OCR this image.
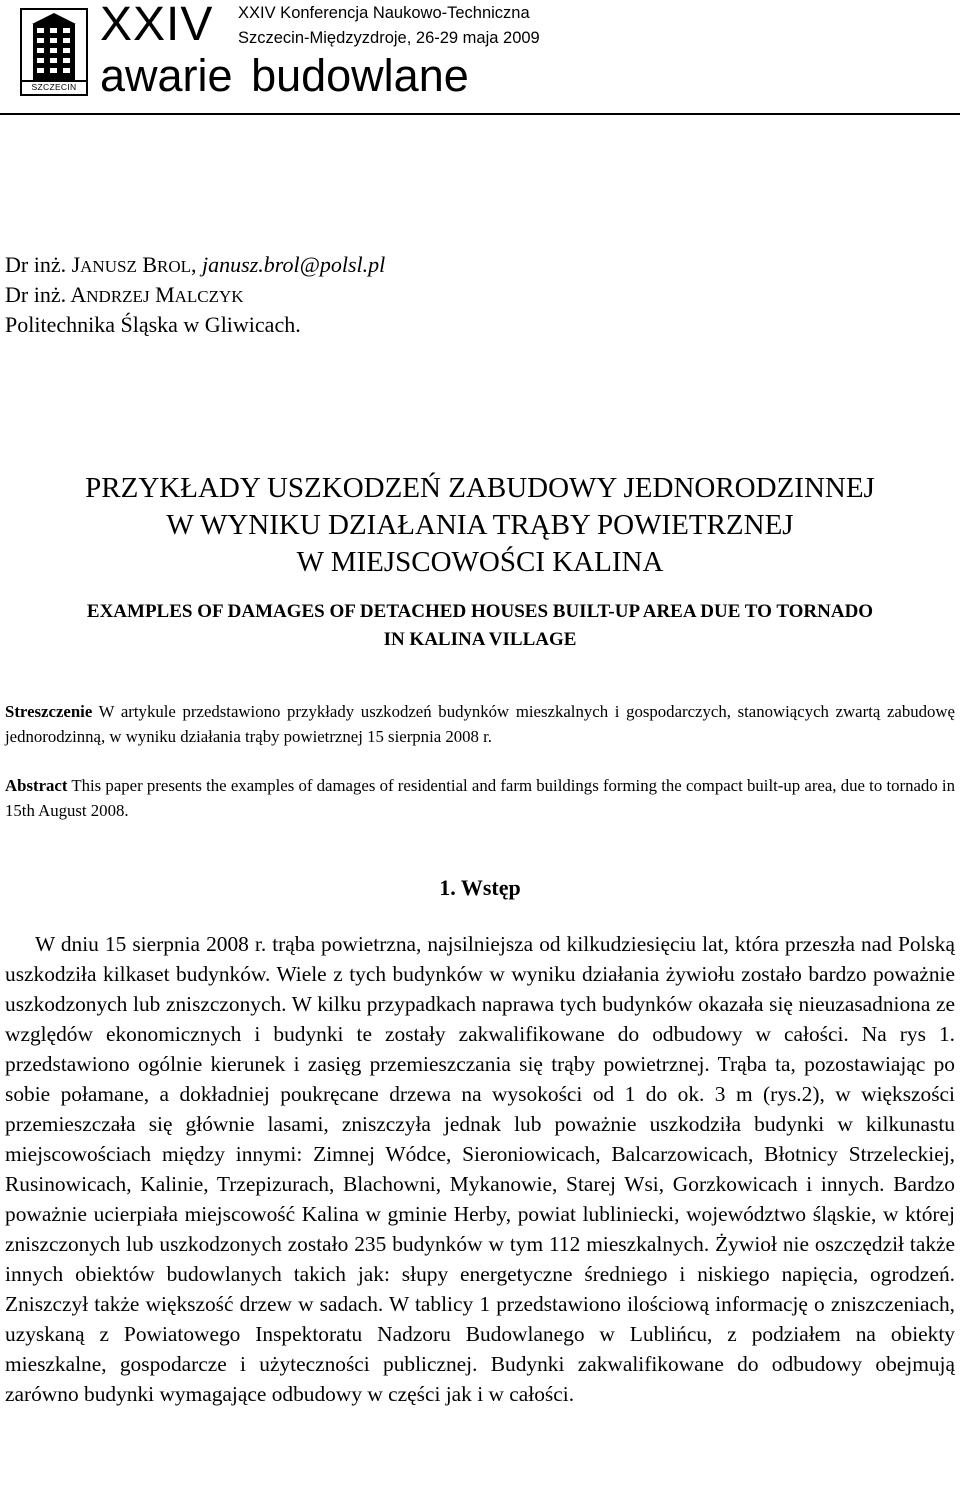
SZCZECIN
XXIV XXIV Konferencja Naukowo-Techniczna
Szczecin-Międzyzdroje, 26-29 maja 2009
awarie budowlane
Dr inż. JANUSZ BROL, janusz.brol@polsl.pl
Dr inż. ANDRZEJ MALCZYK
Politechnika Śląska w Gliwicach.
PRZYKŁADY USZKODZEŃ ZABUDOWY JEDNORODZINNEJ
W WYNIKU DZIAŁANIA TRĄBY POWIETRZNEJ
W MIEJSCOWOŚCI KALINA
EXAMPLES OF DAMAGES OF DETACHED HOUSES BUILT-UP AREA DUE TO TORNADO
IN KALINA VILLAGE
Streszczenie W artykule przedstawiono przykłady uszkodzeń budynków mieszkalnych i gospodarczych, stanowiących zwartą zabudowę jednorodzinną, w wyniku działania trąby powietrznej 15 sierpnia 2008 r.
Abstract This paper presents the examples of damages of residential and farm buildings forming the compact built-up area, due to tornado in 15th August 2008.
1. Wstęp

W dniu 15 sierpnia 2008 r. trąba powietrzna, najsilniejsza od kilkudziesięciu lat, która przeszła nad Polską uszkodziła kilkaset budynków. Wiele z tych budynków w wyniku działania żywiołu zostało bardzo poważnie uszkodzonych lub zniszczonych. W kilku przypadkach naprawa tych budynków okazała się nieuzasadniona ze względów ekonomicznych i budynki te zostały zakwalifikowane do odbudowy w całości. Na rys 1. przedstawiono ogólnie kierunek i zasięg przemieszczania się trąby powietrznej. Trąba ta, pozostawiając po sobie połamane, a dokładniej poukręcane drzewa na wysokości od 1 do ok. 3 m (rys.2), w większości przemieszczała się głównie lasami, zniszczyła jednak lub poważnie uszkodziła budynki w kilkunastu miejscowościach między innymi: Zimnej Wódce, Sieroniowicach, Balcarzowicach, Błotnicy Strzeleckiej, Rusinowicach, Kalinie, Trzepizurach, Blachowni, Mykanowie, Starej Wsi, Gorzkowicach i innych. Bardzo poważnie ucierpiała miejscowość Kalina w gminie Herby, powiat lubliniecki, województwo śląskie, w której zniszczonych lub uszkodzonych zostało 235 budynków w tym 112 mieszkalnych. Żywioł nie oszczędził także innych obiektów budowlanych takich jak: słupy energetyczne średniego i niskiego napięcia, ogrodzeń. Zniszczył także większość drzew w sadach. W tablicy 1 przedstawiono ilościową informację o zniszczeniach, uzyskaną z Powiatowego Inspektoratu Nadzoru Budowlanego w Lublińcu, z podziałem na obiekty mieszkalne, gospodarcze i użyteczności publicznej. Budynki zakwalifikowane do odbudowy obejmują zarówno budynki wymagające odbudowy w części jak i w całości.
